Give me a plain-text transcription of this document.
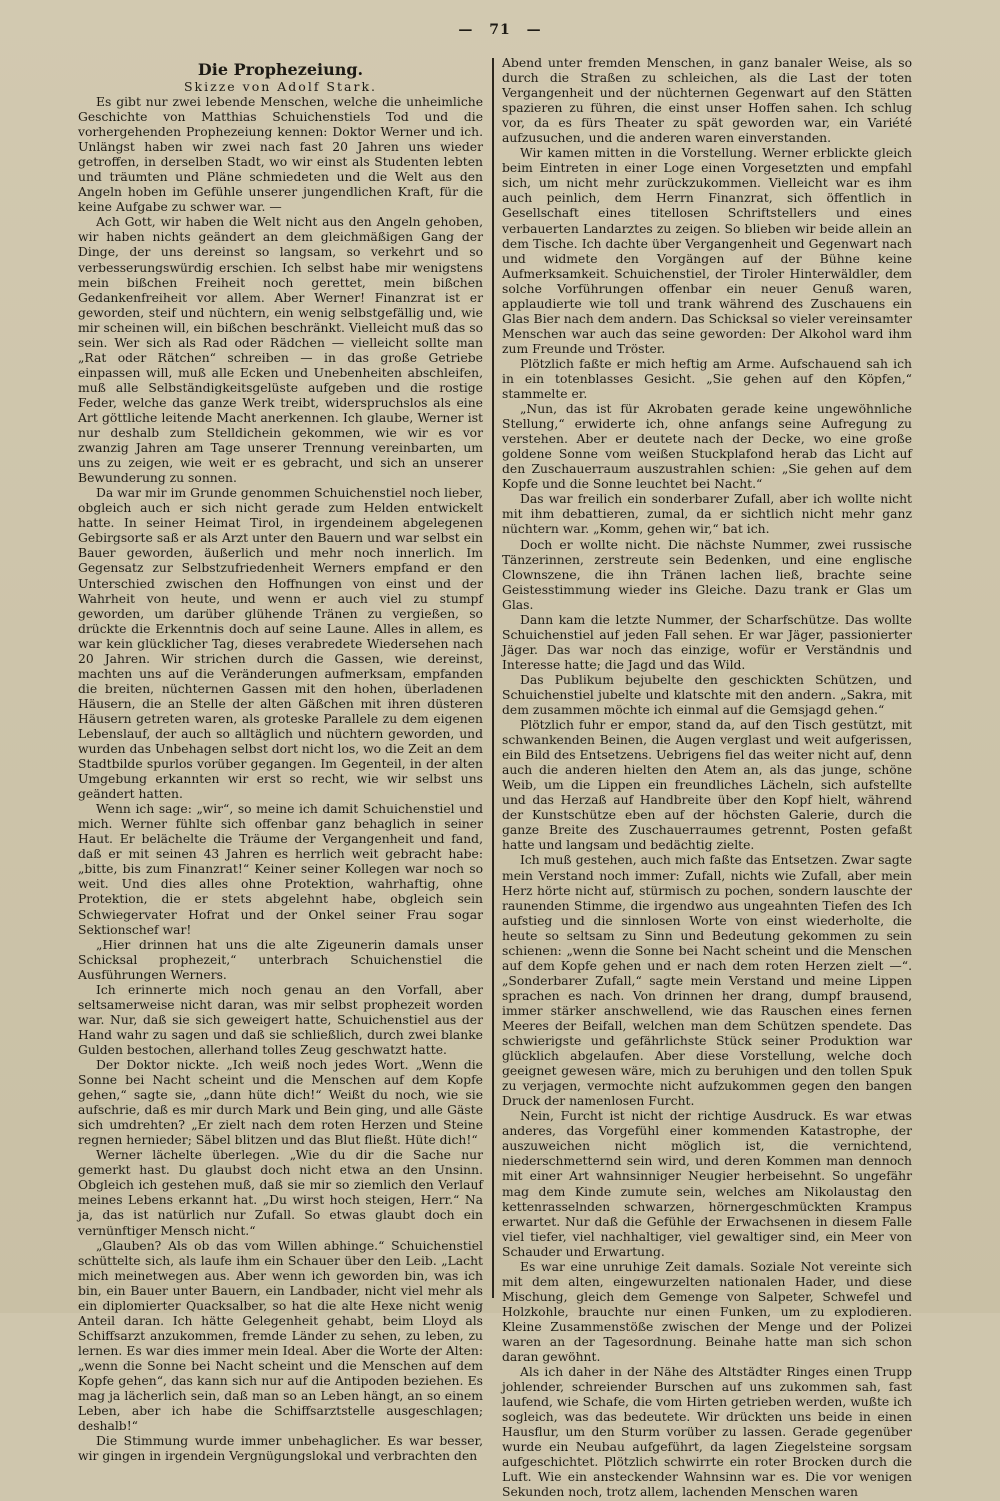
— 71 —
Die Prophezeiung.
Skizze von Adolf Stark.

Es gibt nur zwei lebende Menschen, welche die unheimliche Geschichte von Matthias Schuichenstiels Tod und die vorhergehenden Prophezeiung kennen: Doktor Werner und ich. Unlängst haben wir zwei nach fast 20 Jahren uns wieder getroffen, in derselben Stadt, wo wir einst als Studenten lebten und träumten und Pläne schmiedeten und die Welt aus den Angeln hoben im Gefühle unserer jungendlichen Kraft, für die keine Aufgabe zu schwer war. —

Ach Gott, wir haben die Welt nicht aus den Angeln gehoben, wir haben nichts geändert an dem gleichmäßigen Gang der Dinge, der uns dereinst so langsam, so verkehrt und so verbesserungswürdig erschien. Ich selbst habe mir wenigstens mein bißchen Freiheit noch gerettet, mein bißchen Gedankenfreiheit vor allem. Aber Werner! Finanzrat ist er geworden, steif und nüchtern, ein wenig selbstgefällig und, wie mir scheinen will, ein bißchen beschränkt. Vielleicht muß das so sein. Wer sich als Rad oder Rädchen — vielleicht sollte man „Rat oder Rätchen“ schreiben — in das große Getriebe einpassen will, muß alle Ecken und Unebenheiten abschleifen, muß alle Selbständigkeitsgelüste aufgeben und die rostige Feder, welche das ganze Werk treibt, widerspruchslos als eine Art göttliche leitende Macht anerkennen. Ich glaube, Werner ist nur deshalb zum Stelldichein gekommen, wie wir es vor zwanzig Jahren am Tage unserer Trennung vereinbarten, um uns zu zeigen, wie weit er es gebracht, und sich an unserer Bewunderung zu sonnen.

Da war mir im Grunde genommen Schuichenstiel noch lieber, obgleich auch er sich nicht gerade zum Helden entwickelt hatte. In seiner Heimat Tirol, in irgendeinem abgelegenen Gebirgsorte saß er als Arzt unter den Bauern und war selbst ein Bauer geworden, äußerlich und mehr noch innerlich. Im Gegensatz zur Selbstzufriedenheit Werners empfand er den Unterschied zwischen den Hoffnungen von einst und der Wahrheit von heute, und wenn er auch viel zu stumpf geworden, um darüber glühende Tränen zu vergießen, so drückte die Erkenntnis doch auf seine Laune. Alles in allem, es war kein glücklicher Tag, dieses verabredete Wiedersehen nach 20 Jahren. Wir strichen durch die Gassen, wie dereinst, machten uns auf die Veränderungen aufmerksam, empfanden die breiten, nüchternen Gassen mit den hohen, überladenen Häusern, die an Stelle der alten Gäßchen mit ihren düsteren Häusern getreten waren, als groteske Parallele zu dem eigenen Lebenslauf, der auch so alltäglich und nüchtern geworden, und wurden das Unbehagen selbst dort nicht los, wo die Zeit an dem Stadtbilde spurlos vorüber gegangen. Im Gegenteil, in der alten Umgebung erkannten wir erst so recht, wie wir selbst uns geändert hatten.

Wenn ich sage: „wir“, so meine ich damit Schuichenstiel und mich. Werner fühlte sich offenbar ganz behaglich in seiner Haut. Er belächelte die Träume der Vergangenheit und fand, daß er mit seinen 43 Jahren es herrlich weit gebracht habe: „bitte, bis zum Finanzrat!“ Keiner seiner Kollegen war noch so weit. Und dies alles ohne Protektion, wahrhaftig, ohne Protektion, die er stets abgelehnt habe, obgleich sein Schwiegervater Hofrat und der Onkel seiner Frau sogar Sektionschef war!

„Hier drinnen hat uns die alte Zigeunerin damals unser Schicksal prophezeit,“ unterbrach Schuichenstiel die Ausführungen Werners.

Ich erinnerte mich noch genau an den Vorfall, aber seltsamerweise nicht daran, was mir selbst prophezeit worden war. Nur, daß sie sich geweigert hatte, Schuichenstiel aus der Hand wahr zu sagen und daß sie schließlich, durch zwei blanke Gulden bestochen, allerhand tolles Zeug geschwatzt hatte.

Der Doktor nickte. „Ich weiß noch jedes Wort. „Wenn die Sonne bei Nacht scheint und die Menschen auf dem Kopfe gehen,“ sagte sie, „dann hüte dich!“ Weißt du noch, wie sie aufschrie, daß es mir durch Mark und Bein ging, und alle Gäste sich umdrehten? „Er zielt nach dem roten Herzen und Steine regnen hernieder; Säbel blitzen und das Blut fließt. Hüte dich!“

Werner lächelte überlegen. „Wie du dir die Sache nur gemerkt hast. Du glaubst doch nicht etwa an den Unsinn. Obgleich ich gestehen muß, daß sie mir so ziemlich den Verlauf meines Lebens erkannt hat. „Du wirst hoch steigen, Herr.“ Na ja, das ist natürlich nur Zufall. So etwas glaubt doch ein vernünftiger Mensch nicht.“

„Glauben? Als ob das vom Willen abhinge.“ Schuichenstiel schüttelte sich, als laufe ihm ein Schauer über den Leib. „Lacht mich meinetwegen aus. Aber wenn ich geworden bin, was ich bin, ein Bauer unter Bauern, ein Landbader, nicht viel mehr als ein diplomierter Quacksalber, so hat die alte Hexe nicht wenig Anteil daran. Ich hätte Gelegenheit gehabt, beim Lloyd als Schiffsarzt anzukommen, fremde Länder zu sehen, zu leben, zu lernen. Es war dies immer mein Ideal. Aber die Worte der Alten: „wenn die Sonne bei Nacht scheint und die Menschen auf dem Kopfe gehen“, das kann sich nur auf die Antipoden beziehen. Es mag ja lächerlich sein, daß man so an Leben hängt, an so einem Leben, aber ich habe die Schiffsarztstelle ausgeschlagen; deshalb!“

Die Stimmung wurde immer unbehaglicher. Es war besser, wir gingen in irgendein Vergnügungslokal und verbrachten den

Abend unter fremden Menschen, in ganz banaler Weise, als so durch die Straßen zu schleichen, als die Last der toten Vergangenheit und der nüchternen Gegenwart auf den Stätten spazieren zu führen, die einst unser Hoffen sahen. Ich schlug vor, da es fürs Theater zu spät geworden war, ein Variété aufzusuchen, und die anderen waren einverstanden.

Wir kamen mitten in die Vorstellung. Werner erblickte gleich beim Eintreten in einer Loge einen Vorgesetzten und empfahl sich, um nicht mehr zurückzukommen. Vielleicht war es ihm auch peinlich, dem Herrn Finanzrat, sich öffentlich in Gesellschaft eines titellosen Schriftstellers und eines verbauerten Landarztes zu zeigen. So blieben wir beide allein an dem Tische. Ich dachte über Vergangenheit und Gegenwart nach und widmete den Vorgängen auf der Bühne keine Aufmerksamkeit. Schuichenstiel, der Tiroler Hinterwäldler, dem solche Vorführungen offenbar ein neuer Genuß waren, applaudierte wie toll und trank während des Zuschauens ein Glas Bier nach dem andern. Das Schicksal so vieler vereinsamter Menschen war auch das seine geworden: Der Alkohol ward ihm zum Freunde und Tröster.

Plötzlich faßte er mich heftig am Arme. Aufschauend sah ich in ein totenblasses Gesicht. „Sie gehen auf den Köpfen,“ stammelte er.

„Nun, das ist für Akrobaten gerade keine ungewöhnliche Stellung,“ erwiderte ich, ohne anfangs seine Aufregung zu verstehen. Aber er deutete nach der Decke, wo eine große goldene Sonne vom weißen Stuckplafond herab das Licht auf den Zuschauerraum auszustrahlen schien: „Sie gehen auf dem Kopfe und die Sonne leuchtet bei Nacht.“

Das war freilich ein sonderbarer Zufall, aber ich wollte nicht mit ihm debattieren, zumal, da er sichtlich nicht mehr ganz nüchtern war. „Komm, gehen wir,“ bat ich.

Doch er wollte nicht. Die nächste Nummer, zwei russische Tänzerinnen, zerstreute sein Bedenken, und eine englische Clownszene, die ihn Tränen lachen ließ, brachte seine Geistesstimmung wieder ins Gleiche. Dazu trank er Glas um Glas.

Dann kam die letzte Nummer, der Scharfschütze. Das wollte Schuichenstiel auf jeden Fall sehen. Er war Jäger, passionierter Jäger. Das war noch das einzige, wofür er Verständnis und Interesse hatte; die Jagd und das Wild.

Das Publikum bejubelte den geschickten Schützen, und Schuichenstiel jubelte und klatschte mit den andern. „Sakra, mit dem zusammen möchte ich einmal auf die Gemsjagd gehen.“

Plötzlich fuhr er empor, stand da, auf den Tisch gestützt, mit schwankenden Beinen, die Augen verglast und weit aufgerissen, ein Bild des Entsetzens. Uebrigens fiel das weiter nicht auf, denn auch die anderen hielten den Atem an, als das junge, schöne Weib, um die Lippen ein freundliches Lächeln, sich aufstellte und das Herzaß auf Handbreite über den Kopf hielt, während der Kunstschütze eben auf der höchsten Galerie, durch die ganze Breite des Zuschauerraumes getrennt, Posten gefaßt hatte und langsam und bedächtig zielte.

Ich muß gestehen, auch mich faßte das Entsetzen. Zwar sagte mein Verstand noch immer: Zufall, nichts wie Zufall, aber mein Herz hörte nicht auf, stürmisch zu pochen, sondern lauschte der raunenden Stimme, die irgendwo aus ungeahnten Tiefen des Ich aufstieg und die sinnlosen Worte von einst wiederholte, die heute so seltsam zu Sinn und Bedeutung gekommen zu sein schienen: „wenn die Sonne bei Nacht scheint und die Menschen auf dem Kopfe gehen und er nach dem roten Herzen zielt —“. „Sonderbarer Zufall,“ sagte mein Verstand und meine Lippen sprachen es nach. Von drinnen her drang, dumpf brausend, immer stärker anschwellend, wie das Rauschen eines fernen Meeres der Beifall, welchen man dem Schützen spendete. Das schwierigste und gefährlichste Stück seiner Produktion war glücklich abgelaufen. Aber diese Vorstellung, welche doch geeignet gewesen wäre, mich zu beruhigen und den tollen Spuk zu verjagen, vermochte nicht aufzukommen gegen den bangen Druck der namenlosen Furcht.

Nein, Furcht ist nicht der richtige Ausdruck. Es war etwas anderes, das Vorgefühl einer kommenden Katastrophe, der auszuweichen nicht möglich ist, die vernichtend, niederschmetternd sein wird, und deren Kommen man dennoch mit einer Art wahnsinniger Neugier herbeisehnt. So ungefähr mag dem Kinde zumute sein, welches am Nikolaustag den kettenrasselnden schwarzen, hörnergeschmückten Krampus erwartet. Nur daß die Gefühle der Erwachsenen in diesem Falle viel tiefer, viel nachhaltiger, viel gewaltiger sind, ein Meer von Schauder und Erwartung.

Es war eine unruhige Zeit damals. Soziale Not vereinte sich mit dem alten, eingewurzelten nationalen Hader, und diese Mischung, gleich dem Gemenge von Salpeter, Schwefel und Holzkohle, brauchte nur einen Funken, um zu explodieren. Kleine Zusammenstöße zwischen der Menge und der Polizei waren an der Tagesordnung. Beinahe hatte man sich schon daran gewöhnt.

Als ich daher in der Nähe des Altstädter Ringes einen Trupp johlender, schreiender Burschen auf uns zukommen sah, fast laufend, wie Schafe, die vom Hirten getrieben werden, wußte ich sogleich, was das bedeutete. Wir drückten uns beide in einen Hausflur, um den Sturm vorüber zu lassen. Gerade gegenüber wurde ein Neubau aufgeführt, da lagen Ziegelsteine sorgsam aufgeschichtet. Plötzlich schwirrte ein roter Brocken durch die Luft. Wie ein ansteckender Wahnsinn war es. Die vor wenigen Sekunden noch, trotz allem, lachenden Menschen waren
